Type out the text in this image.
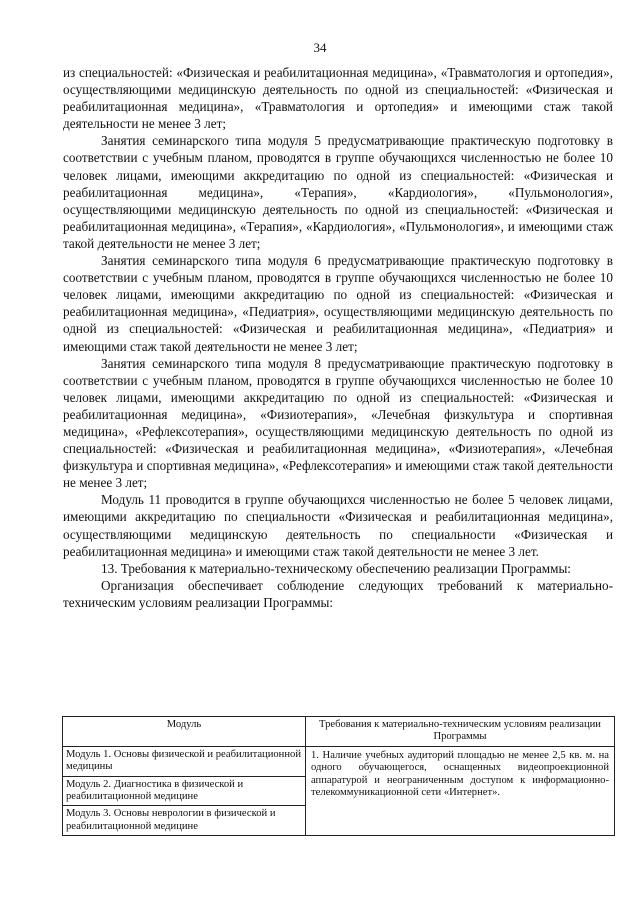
34

из специальностей: «Физическая и реабилитационная медицина», «Травматология и ортопедия», осуществляющими медицинскую деятельность по одной из специальностей: «Физическая и реабилитационная медицина», «Травматология и ортопедия» и имеющими стаж такой деятельности не менее 3 лет;

Занятия семинарского типа модуля 5 предусматривающие практическую подготовку в соответствии с учебным планом, проводятся в группе обучающихся численностью не более 10 человек лицами, имеющими аккредитацию по одной из специальностей: «Физическая и реабилитационная медицина», «Терапия», «Кардиология», «Пульмонология», осуществляющими медицинскую деятельность по одной из специальностей: «Физическая и реабилитационная медицина», «Терапия», «Кардиология», «Пульмонология», и имеющими стаж такой деятельности не менее 3 лет;

Занятия семинарского типа модуля 6 предусматривающие практическую подготовку в соответствии с учебным планом, проводятся в группе обучающихся численностью не более 10 человек лицами, имеющими аккредитацию по одной из специальностей: «Физическая и реабилитационная медицина», «Педиатрия», осуществляющими медицинскую деятельность по одной из специальностей: «Физическая и реабилитационная медицина», «Педиатрия» и имеющими стаж такой деятельности не менее 3 лет;

Занятия семинарского типа модуля 8 предусматривающие практическую подготовку в соответствии с учебным планом, проводятся в группе обучающихся численностью не более 10 человек лицами, имеющими аккредитацию по одной из специальностей: «Физическая и реабилитационная медицина», «Физиотерапия», «Лечебная физкультура и спортивная медицина», «Рефлексотерапия», осуществляющими медицинскую деятельность по одной из специальностей: «Физическая и реабилитационная медицина», «Физиотерапия», «Лечебная физкультура и спортивная медицина», «Рефлексотерапия» и имеющими стаж такой деятельности не менее 3 лет;

Модуль 11 проводится в группе обучающихся численностью не более 5 человек лицами, имеющими аккредитацию по специальности «Физическая и реабилитационная медицина», осуществляющими медицинскую деятельность по специальности «Физическая и реабилитационная медицина» и имеющими стаж такой деятельности не менее 3 лет.

13. Требования к материально-техническому обеспечению реализации Программы:

Организация обеспечивает соблюдение следующих требований к материально-техническим условиям реализации Программы:

Модуль	Требования к материально-техническим условиям реализации Программы
Модуль 1. Основы физической и реабилитационной медицины	1. Наличие учебных аудиторий площадью не менее 2,5 кв. м. на одного обучающегося, оснащенных видеопроекционной аппаратурой и неограниченным доступом к информационно-телекоммуникационной сети «Интернет».
Модуль 2. Диагностика в физической и реабилитационной медицине	
Модуль 3. Основы неврологии в физической и реабилитационной медицине	
